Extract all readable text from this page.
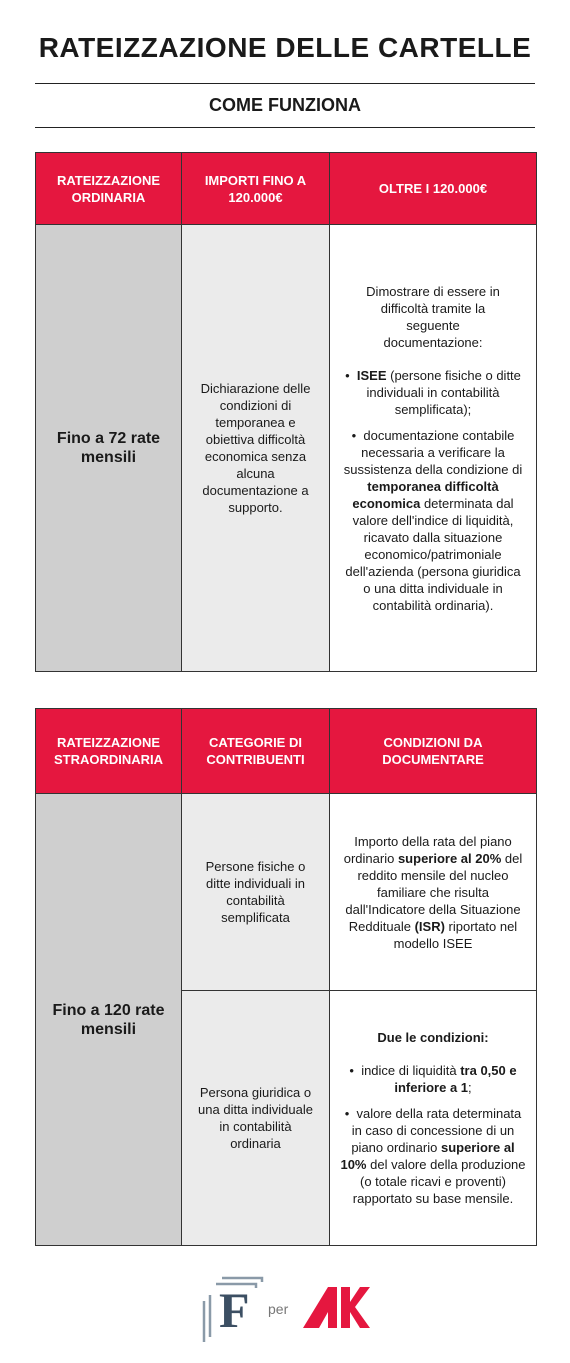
RATEIZZAZIONE DELLE CARTELLE
COME FUNZIONA
RATEIZZAZIONE ORDINARIA	IMPORTI FINO A 120.000€	OLTRE I 120.000€
Fino a 72 rate mensili	Dichiarazione delle condizioni di temporanea e obiettiva difficoltà economica senza alcuna documentazione a supporto.	Dimostrare di essere in difficoltà tramite la seguente documentazione:
•  ISEE (persone fisiche o ditte individuali in contabilità semplificata);
•  documentazione contabile necessaria a verificare la sussistenza della condizione di temporanea difficoltà economica determinata dal valore dell'indice di liquidità, ricavato dalla situazione economico/patrimoniale dell'azienda (persona giuridica o una ditta individuale in contabilità ordinaria).
RATEIZZAZIONE STRAORDINARIA	CATEGORIE DI CONTRIBUENTI	CONDIZIONI DA DOCUMENTARE
Fino a 120 rate mensili	Persone fisiche o ditte individuali in contabilità semplificata	Importo della rata del piano ordinario superiore al 20% del reddito mensile del nucleo familiare che risulta dall'Indicatore della Situazione Reddituale (ISR) riportato nel modello ISEE
	Persona giuridica o una ditta individuale in contabilità ordinaria	Due le condizioni:
•  indice di liquidità tra 0,50 e inferiore a 1;
•  valore della rata determinata in caso di concessione di un piano ordinario superiore al 10% del valore della produzione (o totale ricavi e proventi) rapportato su base mensile.
F per
